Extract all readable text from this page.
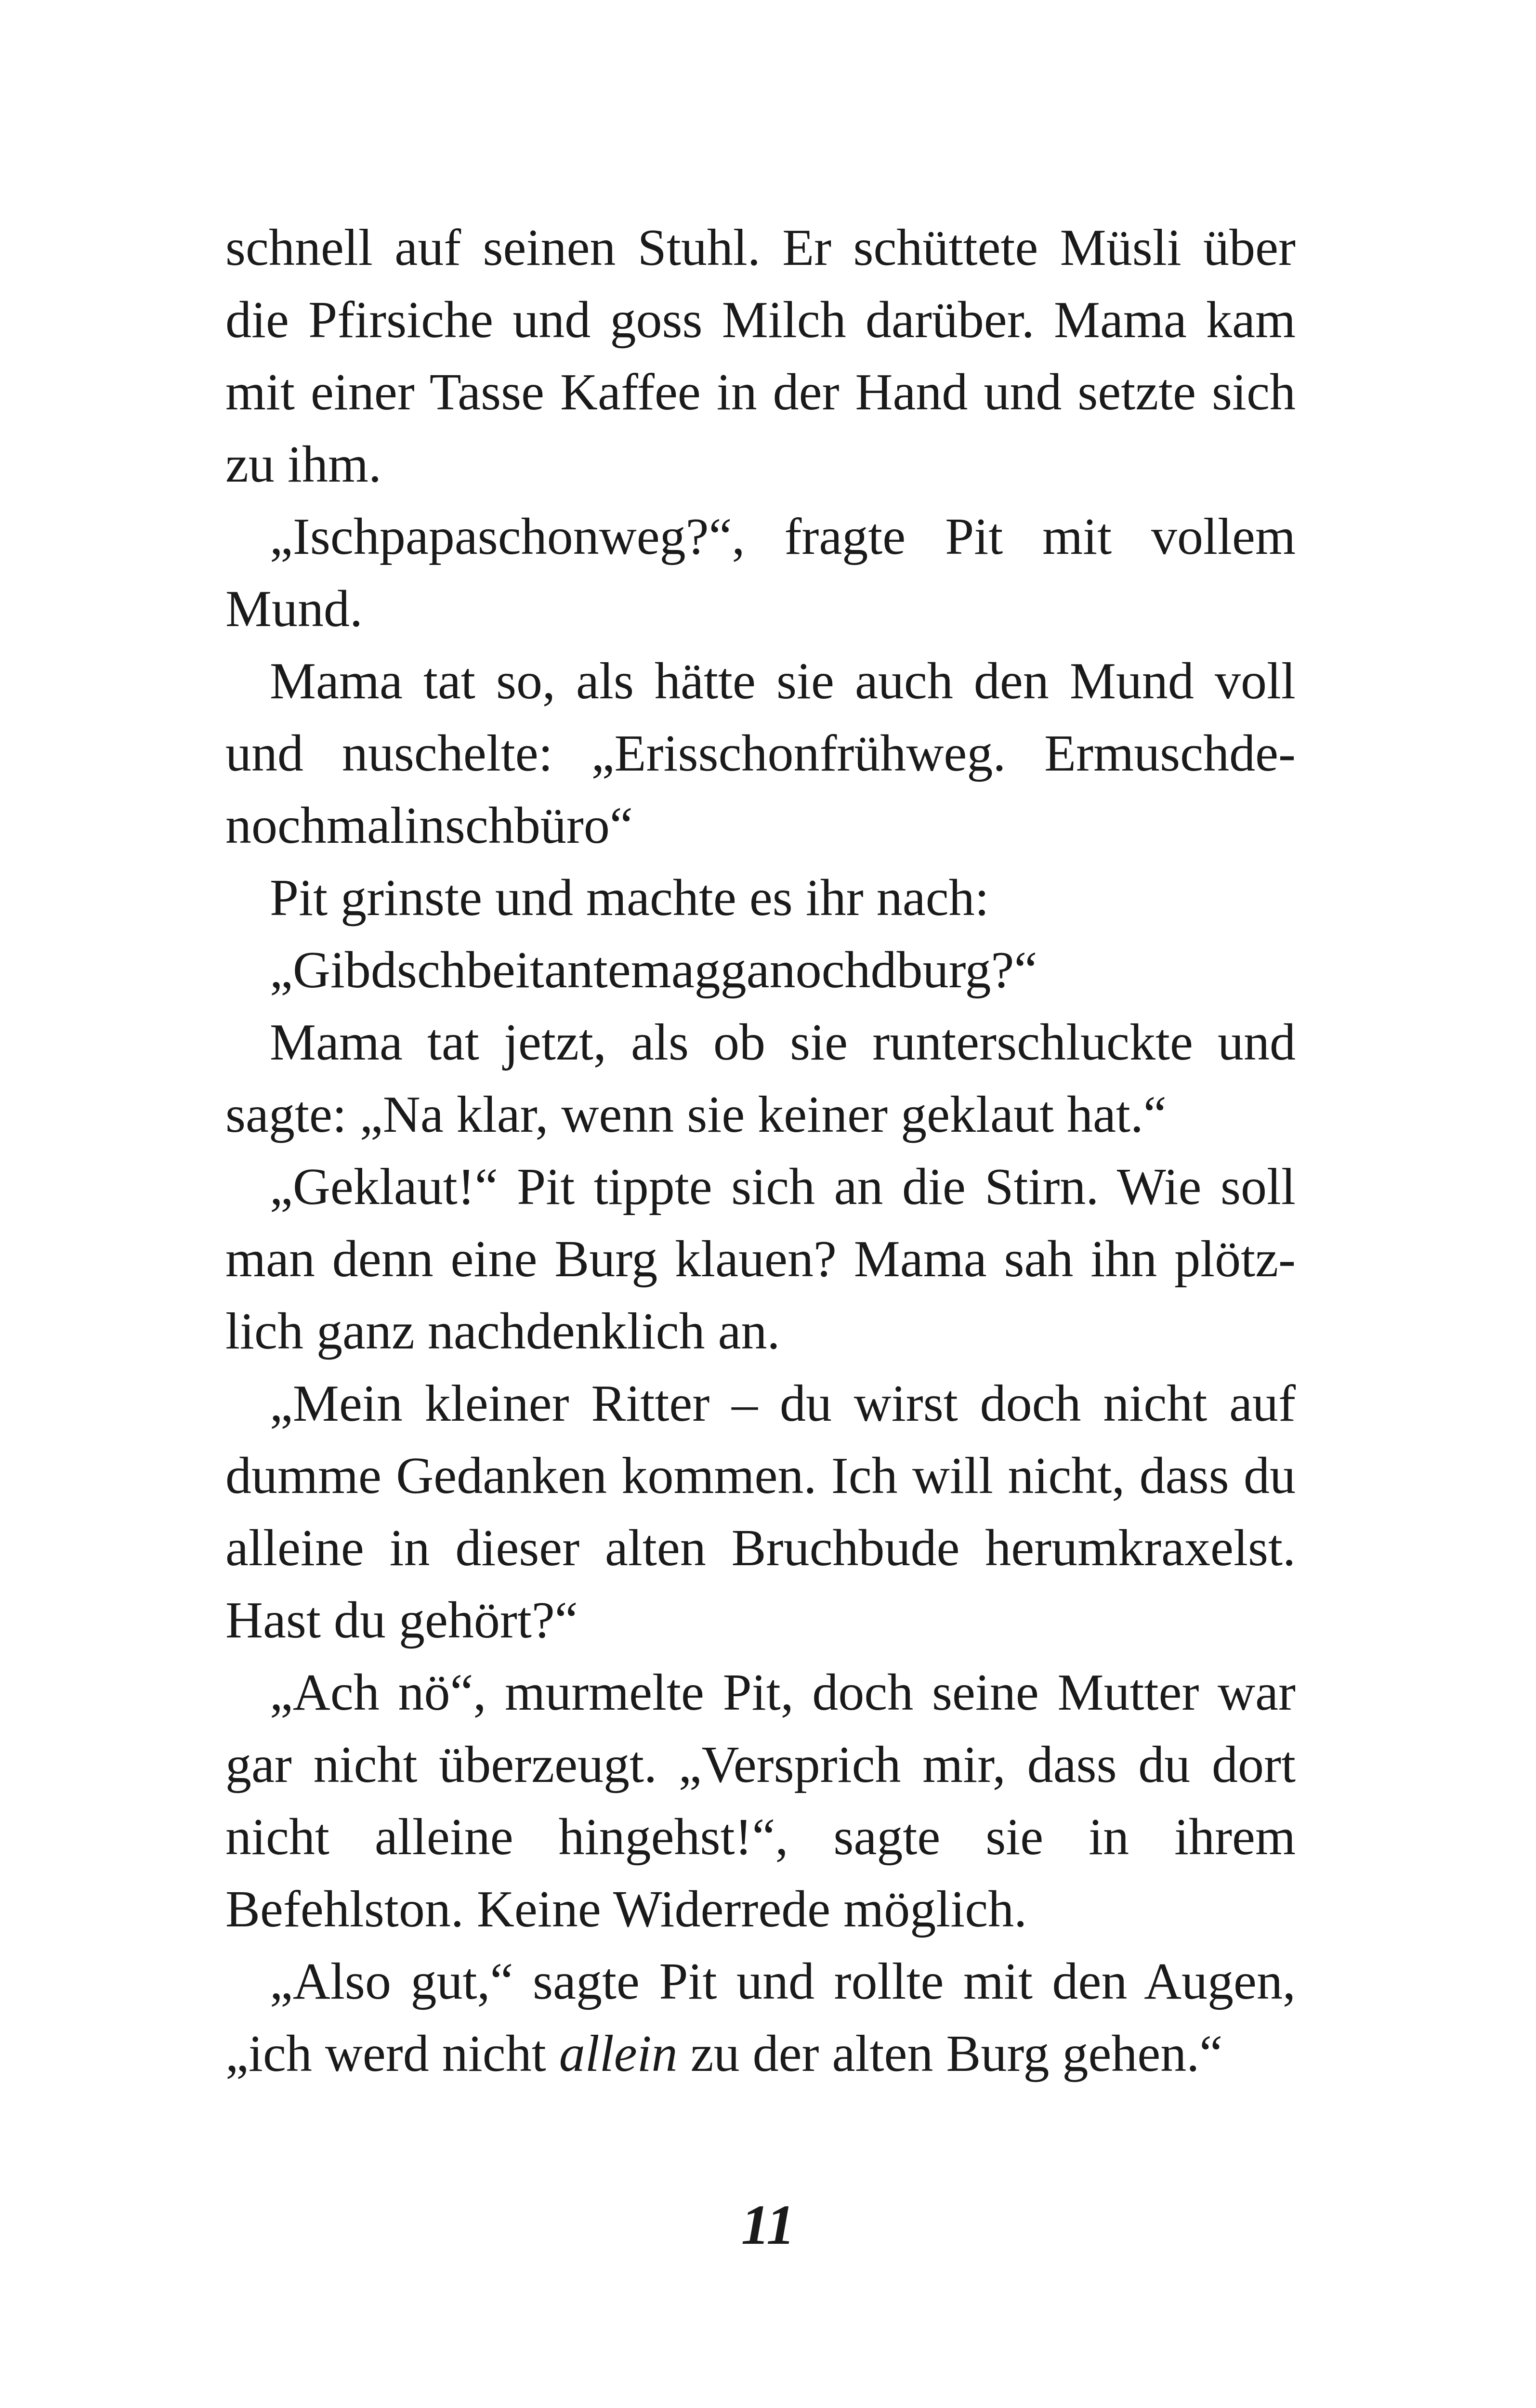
schnell auf seinen Stuhl. Er schüttete Müsli über die Pfirsiche und goss Milch darüber. Mama kam mit einer Tasse Kaffee in der Hand und setzte sich zu ihm.

„Ischpapaschonweg?“, fragte Pit mit vollem Mund.

Mama tat so, als hätte sie auch den Mund voll und nuschelte: „Erisschonfrühweg. Ermuschdenochmalinschbüro“

Pit grinste und machte es ihr nach:

„Gibdschbeitantemagganochdburg?“

Mama tat jetzt, als ob sie runterschluckte und sagte: „Na klar, wenn sie keiner geklaut hat.“

„Geklaut!“ Pit tippte sich an die Stirn. Wie soll man denn eine Burg klauen? Mama sah ihn plötzlich ganz nachdenklich an.

„Mein kleiner Ritter – du wirst doch nicht auf dumme Gedanken kommen. Ich will nicht, dass du alleine in dieser alten Bruchbude herumkraxelst. Hast du gehört?“

„Ach nö“, murmelte Pit, doch seine Mutter war gar nicht überzeugt. „Versprich mir, dass du dort nicht alleine hingehst!“, sagte sie in ihrem Befehlston. Keine Widerrede möglich.

„Also gut,“ sagte Pit und rollte mit den Augen, „ich werd nicht allein zu der alten Burg gehen.“

11
